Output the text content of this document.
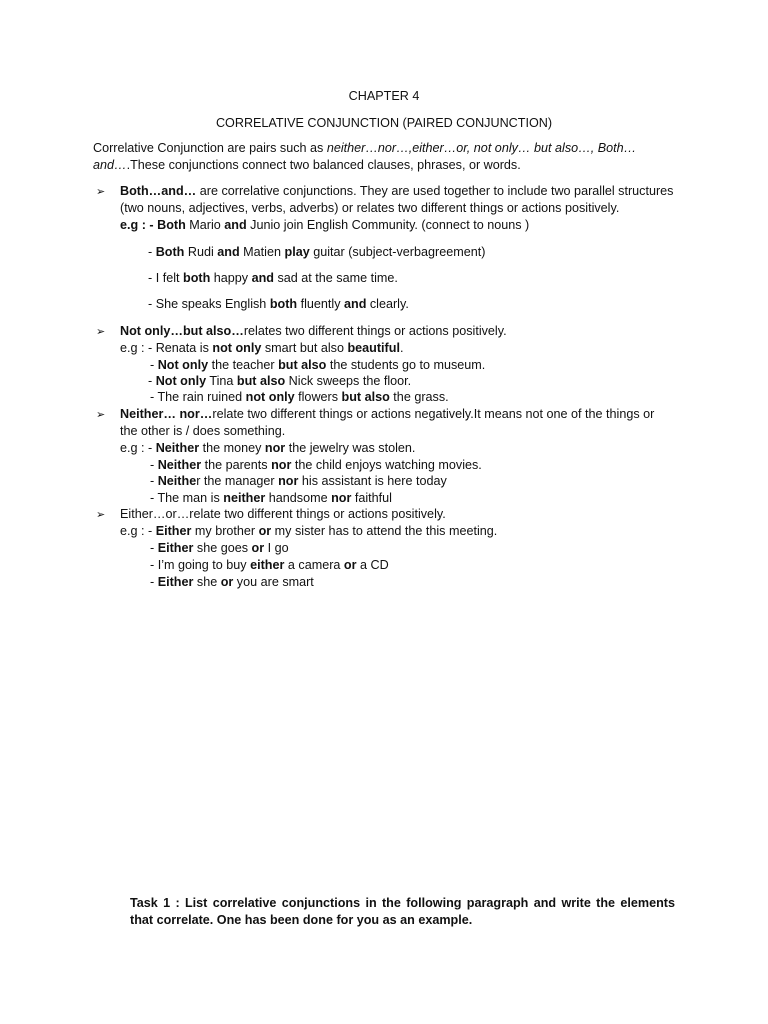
CHAPTER 4
CORRELATIVE CONJUNCTION (PAIRED CONJUNCTION)
Correlative Conjunction are pairs such as neither…nor…,either…or, not only… but also…, Both…
and….These conjunctions connect two balanced clauses, phrases, or words.
➢ Both…and… are correlative conjunctions. They are used together to include two parallel structures
(two nouns, adjectives, verbs, adverbs) or relates two different things or actions positively.
e.g : - Both Mario and Junio join English Community. (connect to nouns )
- Both Rudi and Matien play guitar (subject-verbagreement)
- I felt both happy and sad at the same time.
- She speaks English both fluently and clearly.
➢ Not only…but also…relates two different things or actions positively.
e.g : - Renata is not only smart but also beautiful.
- Not only the teacher but also the students go to museum.
- Not only Tina but also Nick sweeps the floor.
- The rain ruined not only flowers but also the grass.
➢ Neither… nor…relate two different things or actions negatively.It means not one of the things or
the other is / does something.
e.g : - Neither the money nor the jewelry was stolen.
- Neither the parents nor the child enjoys watching movies.
- Neither the manager nor his assistant is here today
- The man is neither handsome nor faithful
➢ Either…or…relate two different things or actions positively.
e.g : - Either my brother or my sister has to attend the this meeting.
- Either she goes or I go
- I’m going to buy either a camera or a CD
- Either she or you are smart
Task 1 : List correlative conjunctions in the following paragraph and write the elements that correlate. One has been done for you as an example.
